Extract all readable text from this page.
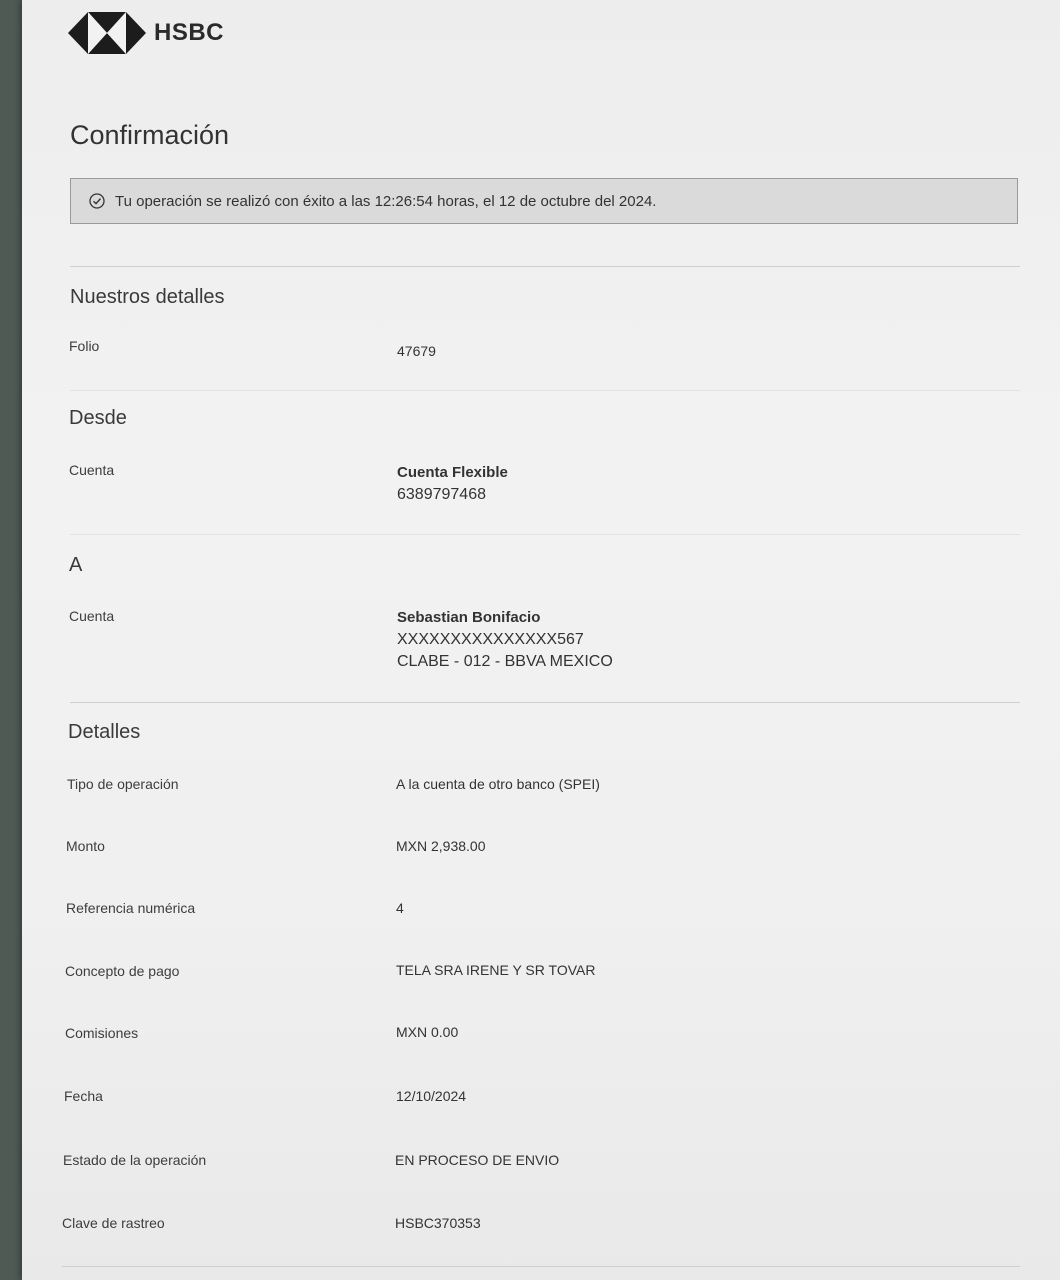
HSBC
Confirmación
Tu operación se realizó con éxito a las 12:26:54 horas, el 12 de octubre del 2024.
Nuestros detalles
Folio	47679
Desde
Cuenta	Cuenta Flexible
6389797468
A
Cuenta	Sebastian Bonifacio
XXXXXXXXXXXXXXX567
CLABE - 012 - BBVA MEXICO
Detalles
Tipo de operación	A la cuenta de otro banco (SPEI)
Monto	MXN 2,938.00
Referencia numérica	4
Concepto de pago	TELA SRA IRENE Y SR TOVAR
Comisiones	MXN 0.00
Fecha	12/10/2024
Estado de la operación	EN PROCESO DE ENVIO
Clave de rastreo	HSBC370353
